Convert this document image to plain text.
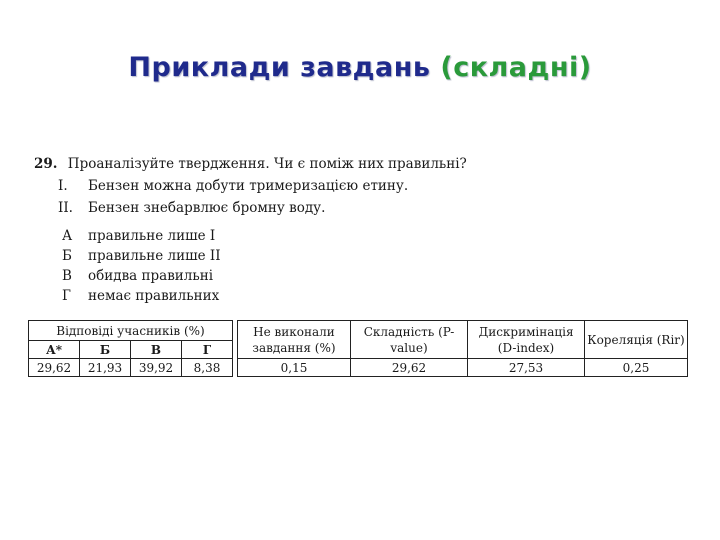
Приклади завдань (складні)
29. Проаналізуйте твердження. Чи є поміж них правильні?
I. Бензен можна добути тримеризацією етину.
II. Бензен знебарвлює бромну воду.
А правильне лише І
Б правильне лише ІІ
В обидва правильні
Г немає правильних
Відповіді учасників (%)					Не виконали завдання (%)	Складність (P-value)	Дискримінація (D-index)	Кореляція (Rir)
А*	Б	В	Г					
29,62	21,93	39,92	8,38		0,15	29,62	27,53	0,25
